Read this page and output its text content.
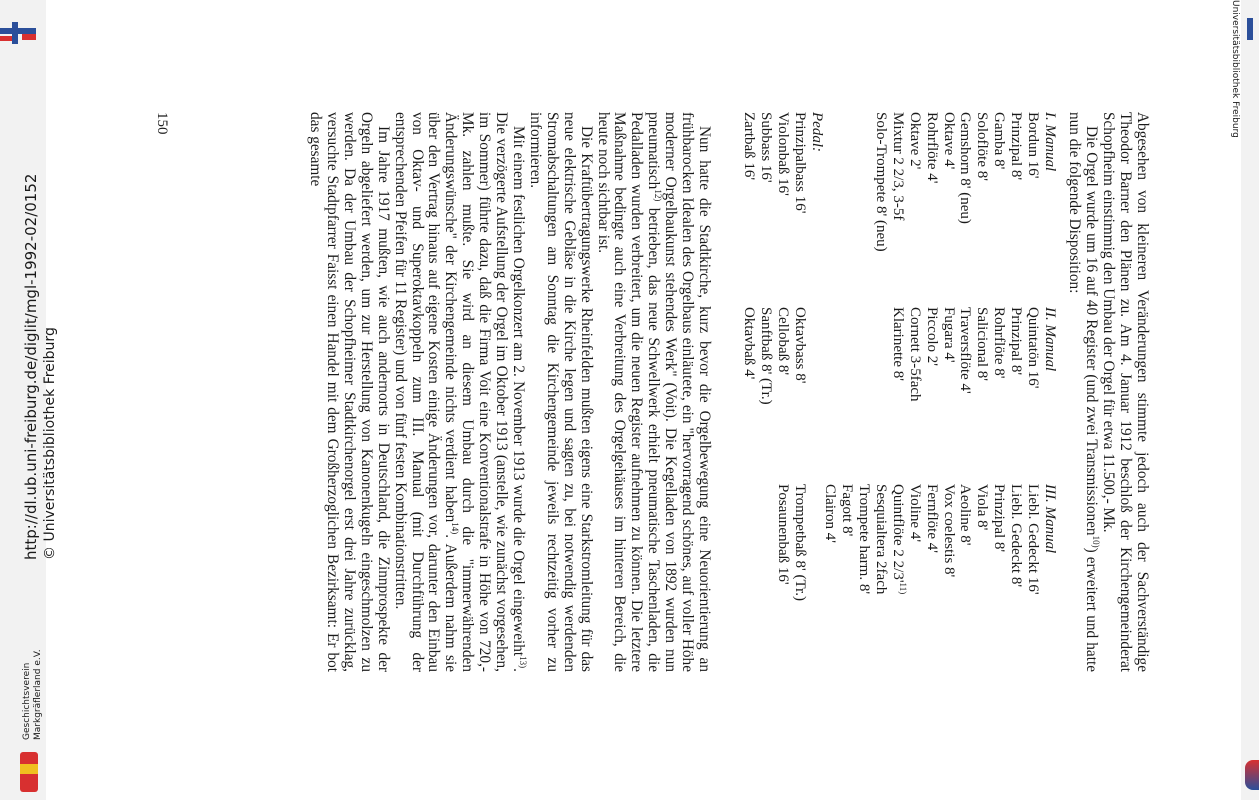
Universitätsbibliothek Freiburg

Abgesehen von kleineren Veränderungen stimmte jedoch auch der Sachverständige Theodor Barner den Plänen zu. Am 4. Januar 1912 beschloß der Kirchengemeinderat Schopfheim einstimmig den Umbau der Orgel für etwa 11.500,- Mk.

Die Orgel wurde um 16 auf 40 Register (und zwei Transmissionen$^{10)}$) erweitert und hatte nun die folgende Disposition:

I. Manual
Bordun 16'
Prinzipal 8'
Gamba 8'
Soloflöte 8'
Gemshorn 8' (neu)
Oktave 4'
Rohrflöte 4'
Oktave 2'
Mixtur 2 2/3, 3-5f
Solo-Trompete 8' (neu)
II. Manual
Quintatön 16'
Prinzipal 8'
Rohrflöte 8'
Salicional 8'
Traversflöte 4'
Fugara 4'
Piccolo 2'
Cornett 3-5fach
Klarinette 8'
III. Manual
Liebl. Gedeckt 16'
Liebl. Gedeckt 8'
Prinzipal 8'
Viola 8'
Aeoline 8'
Vox coelestis 8'
Fernflöte 4'
Violine 4'
Quintflöte 2 $2/3'^{11)}$
Sesquialtera 2fach
Trompete harm. 8'
Fagott 8'
Clairon 4'
Pedal:
Prinzipalbass 16'
Violonbaß 16'
Subbass 16'
Zartbaß 16'
Oktavbass 8'
Cellobaß 8'
Sanftbaß 8' (Tr.)
Oktavbaß 4'
Trompetbaß 8' (Tr.)
Posaunenbaß 16'

Nun hatte die Stadtkirche, kurz bevor die Orgelbewegung eine Neuorientierung an frühbarocken Idealen des Orgelbaus einläutete, ein "hervorragend schönes, auf voller Höhe moderner Orgelbaukunst stehendes Werk" (Voit). Die Kegelladen von 1892 wurden nun pneumatisch$^{12)}$ betrieben, das neue Schwellwerk erhielt pneumatische Taschenladen, die Pedalladen wurden verbreitert, um die neuen Register aufnehmen zu können. Die letztere Maßnahme bedingte auch eine Verbreitung des Orgelgehäuses im hinteren Bereich, die heute noch sichtbar ist.

Die Kraftübertragungswerke Rheinfelden mußten eigens eine Starkstromleitung für das neue elektrische Gebläse in die Kirche legen und sagten zu, bei notwendig werdenden Stromabschaltungen am Sonntag die Kirchengemeinde jeweils rechtzeitig vorher zu informieren.

Mit einem festlichen Orgelkonzert am 2. November 1913 wurde die Orgel eingeweiht$^{13)}$. Die verzögerte Aufstellung der Orgel im Oktober 1913 (anstelle, wie zunächst vorgesehen, im Sommer) führte dazu, daß die Firma Voit eine Konventionalstrafe in Höhe von 720,- Mk. zahlen mußte. Sie wird an diesem Umbau durch die "immerwährenden Änderungswünsche" der Kirchengemeinde nichts verdient haben$^{14)}$. Außerdem nahm sie über den Vertrag hinaus auf eigene Kosten einige Änderungen vor, darunter den Einbau von Oktav- und Superoktavkoppeln zum III. Manual (mit Durchführung der entsprechenden Pfeifen für 11 Register) und von fünf festen Kombinationstritten.

Im Jahre 1917 mußten, wie auch andernorts in Deutschland, die Zinnprospekte der Orgeln abgeliefert werden, um zur Herstellung von Kanonenkugeln eingeschmolzen zu werden. Da der Umbau der Schopfheimer Stadtkirchenorgel erst drei Jahre zurücklag, versuchte Stadtpfarrer Faisst einen Handel mit dem Großherzoglichen Bezirksamt: Er bot das gesamte

150
http://dl.ub.uni-freiburg.de/diglit/mgl-1992-02/0152 © Universitätsbibliothek Freiburg
Geschichtsverein Markgräflerland e.V.
